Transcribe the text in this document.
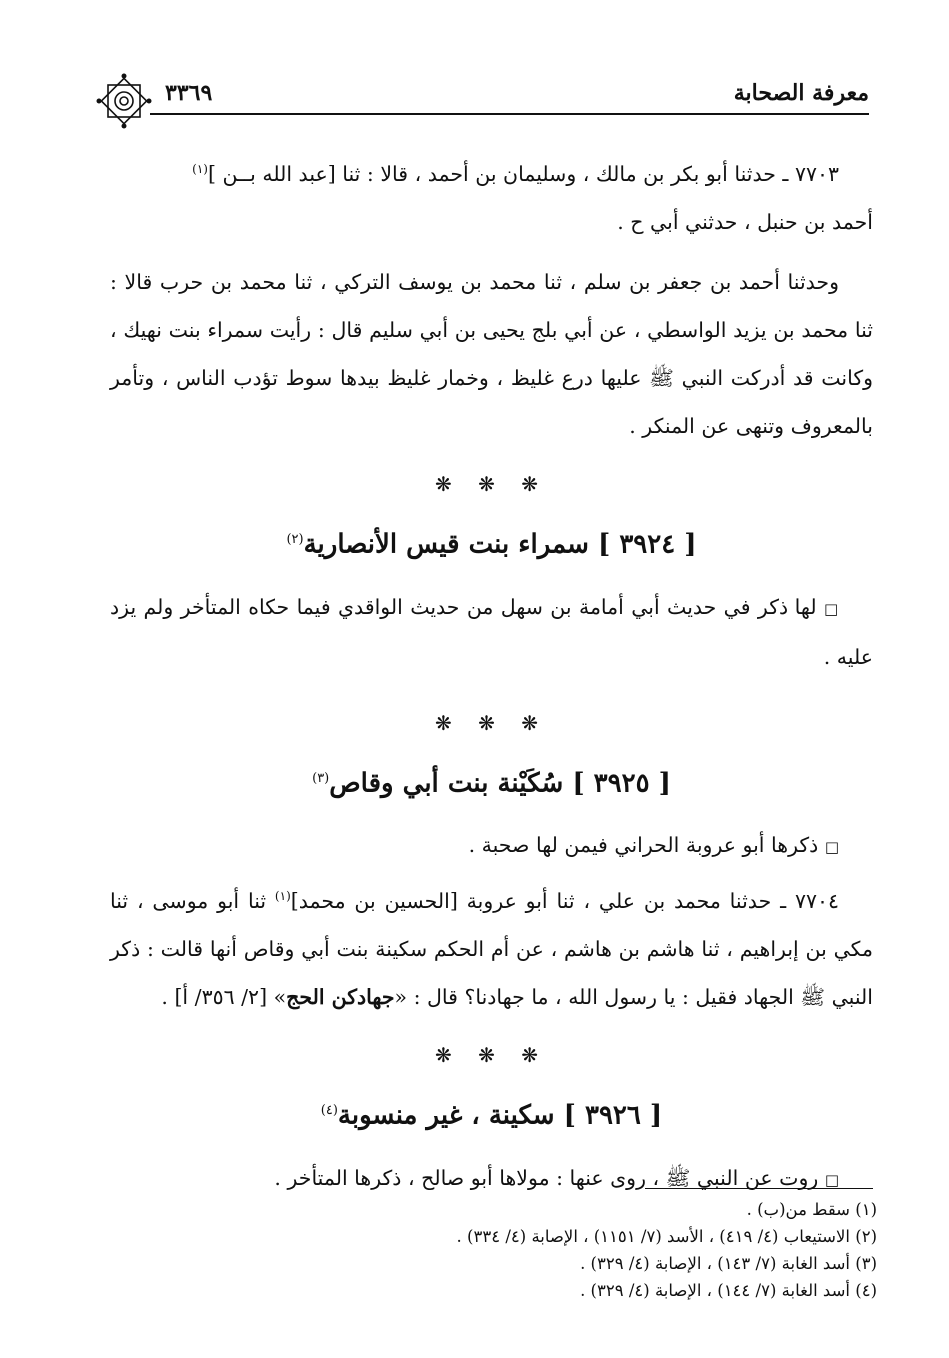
٣٣٦٩	معرفة الصحابة

٧٧٠٣ ـ حدثنا أبو بكر بن مالك ، وسليمان بن أحمد ، قالا : ثنا [عبد الله بــن ]$^{(١)}$
أحمد بن حنبل ، حدثني أبي ح .

وحدثنا أحمد بن جعفر بن سلم ، ثنا محمد بن يوسف التركي ، ثنا محمد بن حرب قالا : ثنا محمد بن يزيد الواسطي ، عن أبي بلج يحيى بن أبي سليم قال : رأيت سمراء بنت نهيك ، وكانت قد أدركت النبي ﷺ عليها درع غليظ ، وخمار غليظ بيدها سوط تؤدب الناس ، وتأمر بالمعروف وتنهى عن المنكر .

❋ ❋ ❋
[ ٣٩٢٤ ] سمراء بنت قيس الأنصارية$^{(٢)}$

□ لها ذكر في حديث أبي أمامة بن سهل من حديث الواقدي فيما حكاه المتأخر ولم يزد عليه .

❋ ❋ ❋
[ ٣٩٢٥ ] سُكَيْنة بنت أبي وقاص$^{(٣)}$

□ ذكرها أبو عروبة الحراني فيمن لها صحبة .

٧٧٠٤ ـ حدثنا محمد بن علي ، ثنا أبو عروبة [الحسين بن محمد]$^{(١)}$ ثنا أبو موسى ، ثنا مكي بن إبراهيم ، ثنا هاشم بن هاشم ، عن أم الحكم سكينة بنت أبي وقاص أنها قالت : ذكر النبي ﷺ الجهاد فقيل : يا رسول الله ، ما جهادنا؟ قال : «جهادكن الحج» [٢/ ٣٥٦/ أ] .

❋ ❋ ❋
[ ٣٩٢٦ ] سكينة ، غير منسوبة$^{(٤)}$

□ روت عن النبي ﷺ ، روى عنها : مولاها أبو صالح ، ذكرها المتأخر .

(١) سقط من(ب) .
(٢) الاستيعاب (٤/ ٤١٩) ، الأسد (٧/ ١١٥١) ، الإصابة (٤/ ٣٣٤) .
(٣) أسد الغابة (٧/ ١٤٣) ، الإصابة (٤/ ٣٢٩) .
(٤) أسد الغابة (٧/ ١٤٤) ، الإصابة (٤/ ٣٢٩) .
